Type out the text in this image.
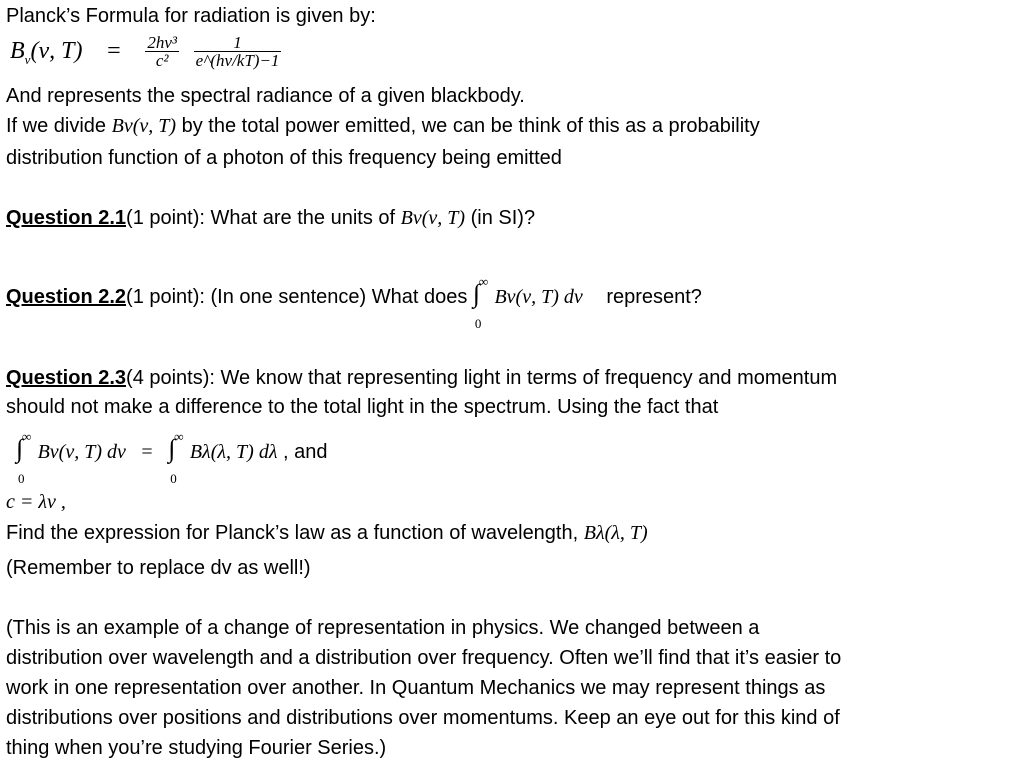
Planck’s Formula for radiation is given by:
$B_\nu(\nu$, $T) = \frac{\text{2hν³}}{\text{c²}}$
$\frac{1}{e\^{}(h\nu/kT)-1}$
And represents the spectral radiance of a given blackbody.
If we divide Bν(ν, T) by the total power emitted, we can be think of this as a probability
distribution function of a photon of this frequency being emitted
Question 2.1(1 point): What are the units of Bν(ν, T) (in SI)?
Question 2.2(1 point): (In one sentence) What does ∫
∞
0
Bν(ν, T) dν represent?
Question 2.3(4 points): We know that representing light in terms of frequency and momentum
should not make a difference to the total light in the spectrum. Using the fact that
∫
∞
0
Bν(ν, T) dν = ∫
∞
0
Bλ(λ, T) dλ , and
c = λν ,
Find the expression for Planck’s law as a function of wavelength, Bλ(λ, T)
(Remember to replace dv as well!)
(This is an example of a change of representation in physics. We changed between a
distribution over wavelength and a distribution over frequency. Often we’ll find that it’s easier to
work in one representation over another. In Quantum Mechanics we may represent things as
distributions over positions and distributions over momentums. Keep an eye out for this kind of
thing when you’re studying Fourier Series.)
